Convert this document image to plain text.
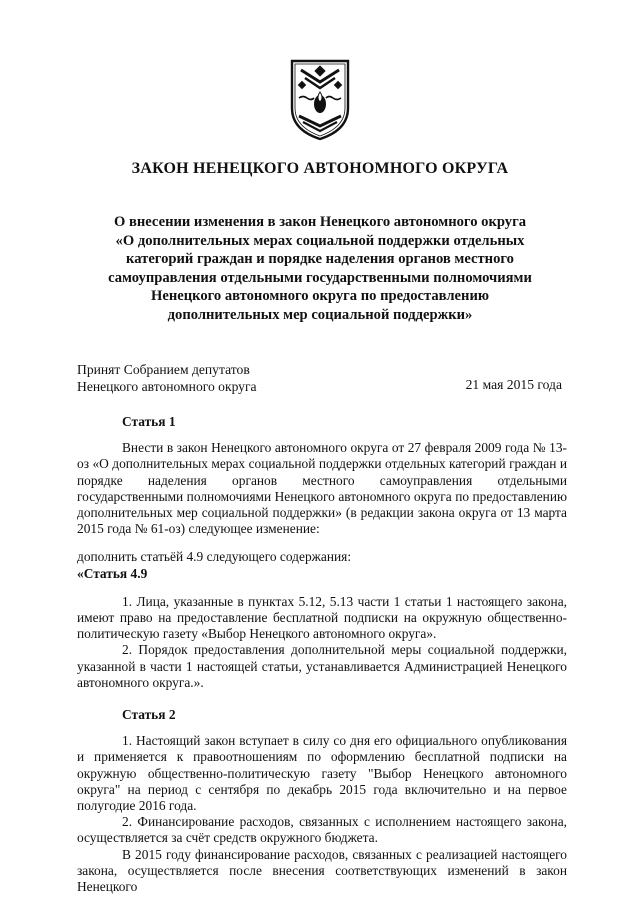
ЗАКОН НЕНЕЦКОГО АВТОНОМНОГО ОКРУГА
О внесении изменения в закон Ненецкого автономного округа
«О дополнительных мерах социальной поддержки отдельных
категорий граждан и порядке наделения органов местного
самоуправления отдельными государственными полномочиями
Ненецкого автономного округа по предоставлению
дополнительных мер социальной поддержки»
Принят Собранием депутатов
Ненецкого автономного округа	21 мая 2015 года
Статья 1

Внести в закон Ненецкого автономного округа от 27 февраля 2009 года № 13-оз «О дополнительных мерах социальной поддержки отдельных категорий граждан и порядке наделения органов местного самоуправления отдельными государственными полномочиями Ненецкого автономного округа по предоставлению дополнительных мер социальной поддержки» (в редакции закона округа от 13 марта 2015 года № 61-оз) следующее изменение:

дополнить статьёй 4.9 следующего содержания:

«Статья 4.9

1. Лица, указанные в пунктах 5.12, 5.13 части 1 статьи 1 настоящего закона, имеют право на предоставление бесплатной подписки на окружную общественно-политическую газету «Выбор Ненецкого автономного округа».

2. Порядок предоставления дополнительной меры социальной поддержки, указанной в части 1 настоящей статьи, устанавливается Администрацией Ненецкого автономного округа.».

Статья 2

1. Настоящий закон вступает в силу со дня его официального опубликования и применяется к правоотношениям по оформлению бесплатной подписки на окружную общественно-политическую газету "Выбор Ненецкого автономного округа" на период с сентября по декабрь 2015 года включительно и на первое полугодие 2016 года.

2. Финансирование расходов, связанных с исполнением настоящего закона, осуществляется за счёт средств окружного бюджета.

В 2015 году финансирование расходов, связанных с реализацией настоящего закона, осуществляется после внесения соответствующих изменений в закон Ненецкого
